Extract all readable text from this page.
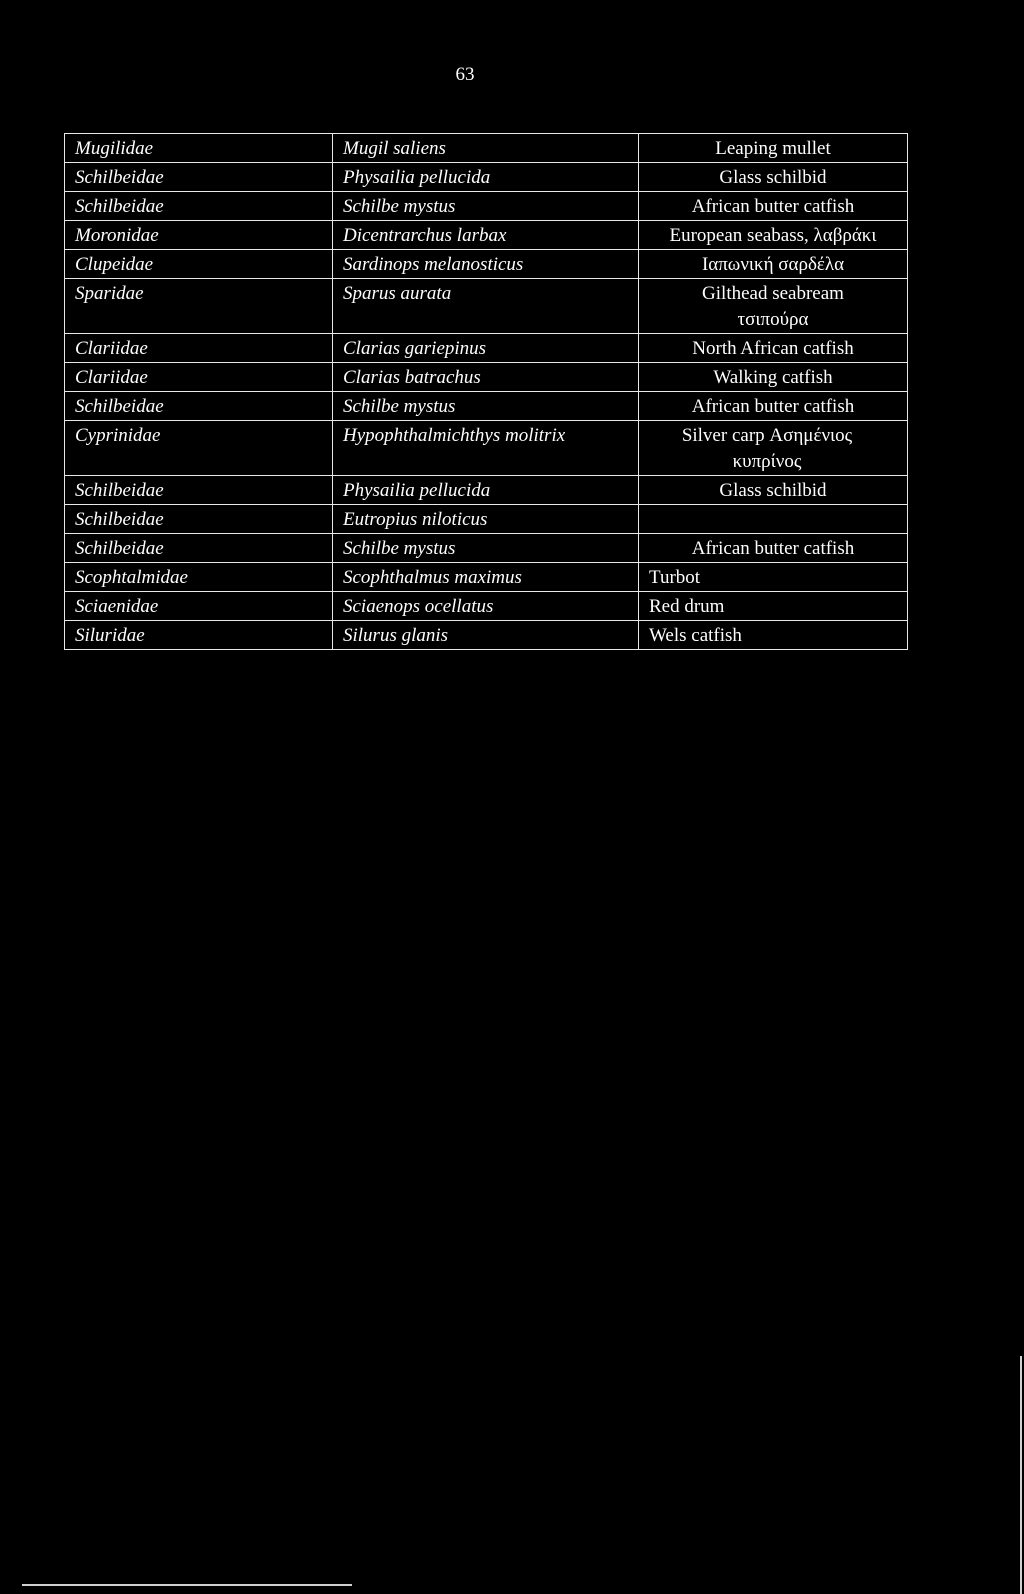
63
Mugilidae	Mugil saliens	Leaping mullet
Schilbeidae	Physailia pellucida	Glass schilbid
Schilbeidae	Schilbe mystus	African butter catfish
Moronidae	Dicentrarchus larbax	European seabass, λαβράκι
Clupeidae	Sardinops melanosticus	Ιαπωνική σαρδέλα
Sparidae	Sparus aurata	Gilthead seabream τσιπούρα
Clariidae	Clarias gariepinus	North African catfish
Clariidae	Clarias batrachus	Walking catfish
Schilbeidae	Schilbe mystus	African butter catfish
Cyprinidae	Hypophthalmichthys molitrix	Silver carp Ασημένιος κυπρίνος
Schilbeidae	Physailia pellucida	Glass schilbid
Schilbeidae	Eutropius niloticus	
Schilbeidae	Schilbe mystus	African butter catfish
Scophtalmidae	Scophthalmus maximus	Turbot
Sciaenidae	Sciaenops ocellatus	Red drum
Siluridae	Silurus glanis	Wels catfish
